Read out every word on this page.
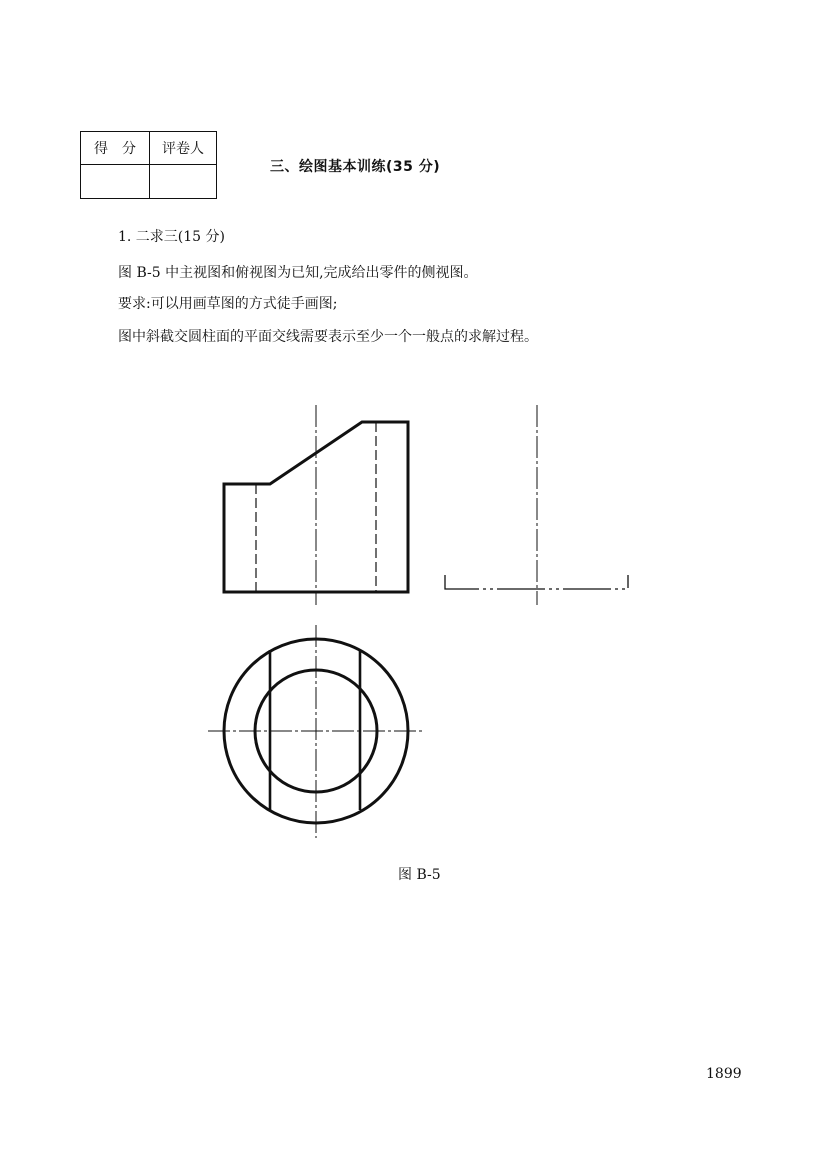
得　分	评卷人

三、绘图基本训练(35 分)
1. 二求三(15 分)
图 B-5 中主视图和俯视图为已知,完成给出零件的侧视图。
要求:可以用画草图的方式徒手画图;
图中斜截交圆柱面的平面交线需要表示至少一个一般点的求解过程。
图 B-5
1899
